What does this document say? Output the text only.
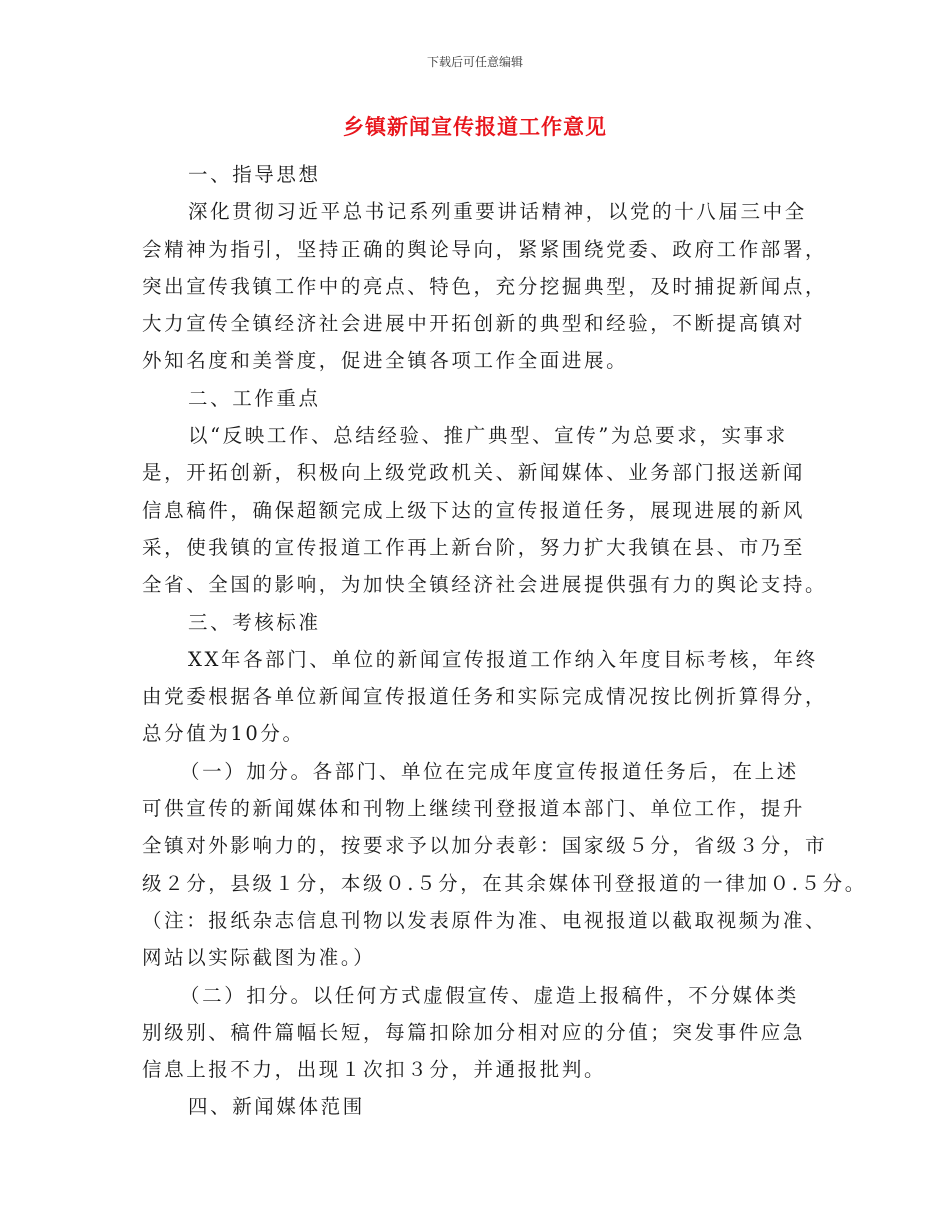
下载后可任意编辑
乡镇新闻宣传报道工作意见
一、指导思想
深化贯彻习近平总书记系列重要讲话精神，以党的十八届三中全
会精神为指引，坚持正确的舆论导向，紧紧围绕党委、政府工作部署，
突出宣传我镇工作中的亮点、特色，充分挖掘典型，及时捕捉新闻点，
大力宣传全镇经济社会进展中开拓创新的典型和经验，不断提高镇对
外知名度和美誉度，促进全镇各项工作全面进展。
二、工作重点
以“反映工作、总结经验、推广典型、宣传”为总要求，实事求
是，开拓创新，积极向上级党政机关、新闻媒体、业务部门报送新闻
信息稿件，确保超额完成上级下达的宣传报道任务，展现进展的新风
采，使我镇的宣传报道工作再上新台阶，努力扩大我镇在县、市乃至
全省、全国的影响，为加快全镇经济社会进展提供强有力的舆论支持。
三、考核标准
XX年各部门、单位的新闻宣传报道工作纳入年度目标考核，年终
由党委根据各单位新闻宣传报道任务和实际完成情况按比例折算得分，
总分值为10分。
（一）加分。各部门、单位在完成年度宣传报道任务后，在上述
可供宣传的新闻媒体和刊物上继续刊登报道本部门、单位工作，提升
全镇对外影响力的，按要求予以加分表彰：国家级５分，省级３分，市
级２分，县级１分，本级０.５分，在其余媒体刊登报道的一律加０.５分。
（注：报纸杂志信息刊物以发表原件为准、电视报道以截取视频为准、
网站以实际截图为准。）
（二）扣分。以任何方式虚假宣传、虚造上报稿件，不分媒体类
别级别、稿件篇幅长短，每篇扣除加分相对应的分值；突发事件应急
信息上报不力，出现１次扣３分，并通报批判。
四、新闻媒体范围
